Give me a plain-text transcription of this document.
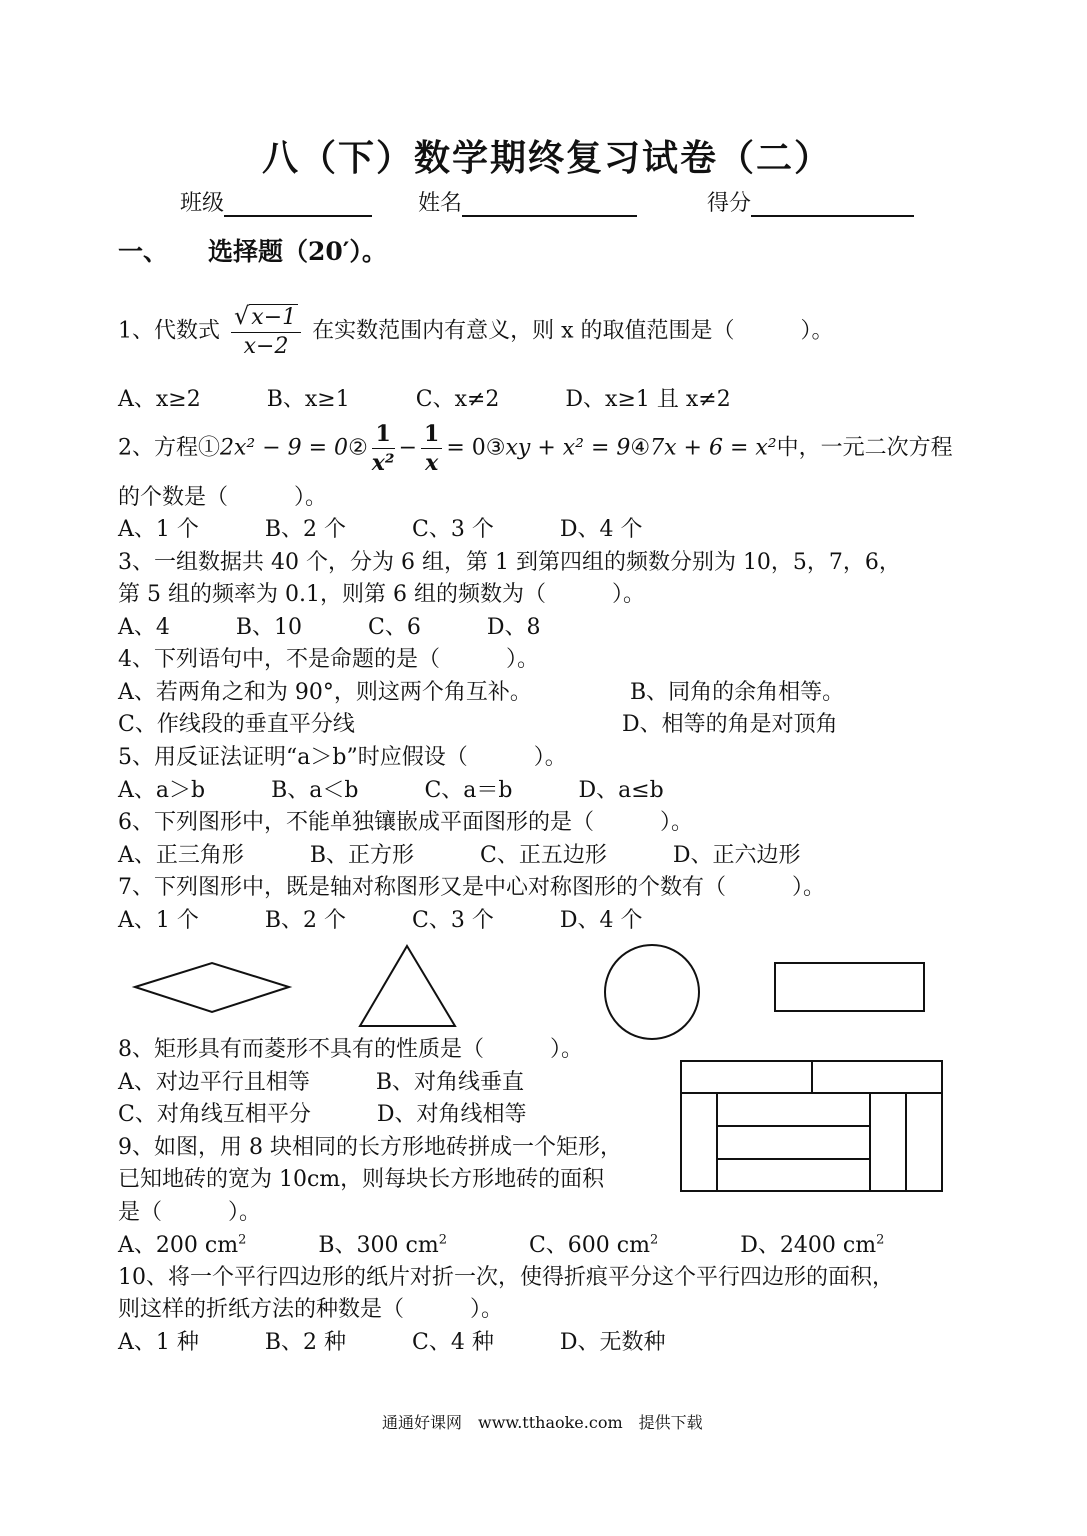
八（下）数学期终复习试卷（二）
班级	姓名	得分
一、 选择题（20′）。
1、代数式 $\frac{√x-1}{x-2}$ 在实数范围内有意义，则 x 的取值范围是（　　　）。
A、x≥2　　　B、x≥1　　　C、x≠2　　　D、x≥1 且 x≠2
2、方程①2x² − 9 = 0② $\frac{1}{\text{x²}} - \frac{1}{x}$ = 0③xy + x² = 9④7x + 6 = x²中，一元二次方程
的个数是（　　　）。
A、1 个　　　B、2 个　　　C、3 个　　　D、4 个
3、一组数据共 40 个，分为 6 组，第 1 到第四组的频数分别为 10，5，7，6，
第 5 组的频率为 0.1，则第 6 组的频数为（　　　）。
A、4　　　B、10　　　C、6　　　D、8
4、下列语句中，不是命题的是（　　　）。
A、若两角之和为 90°，则这两个角互补。	B、同角的余角相等。
C、作线段的垂直平分线	D、相等的角是对顶角
5、用反证法证明“a＞b”时应假设（　　　）。
A、a＞b　　　B、a＜b　　　C、a＝b　　　D、a≤b
6、下列图形中，不能单独镶嵌成平面图形的是（　　　）。
A、正三角形　　　B、正方形　　　C、正五边形　　　D、正六边形
7、下列图形中，既是轴对称图形又是中心对称图形的个数有（　　　）。
A、1 个　　　B、2 个　　　C、3 个　　　D、4 个
8、矩形具有而菱形不具有的性质是（　　　）。
A、对边平行且相等　　　B、对角线垂直
C、对角线互相平分　　　D、对角线相等
9、如图，用 8 块相同的长方形地砖拼成一个矩形，
已知地砖的宽为 10cm，则每块长方形地砖的面积
是（　　　）。
A、200 $cm^2$	B、300 $cm^2$	C、600 $cm^2$	D、2400 $cm^2$
10、将一个平行四边形的纸片对折一次，使得折痕平分这个平行四边形的面积，
则这样的折纸方法的种数是（　　　）。
A、1 种　　　B、2 种　　　C、4 种　　　D、无数种
通通好课网　www.tthaoke.com　提供下载
